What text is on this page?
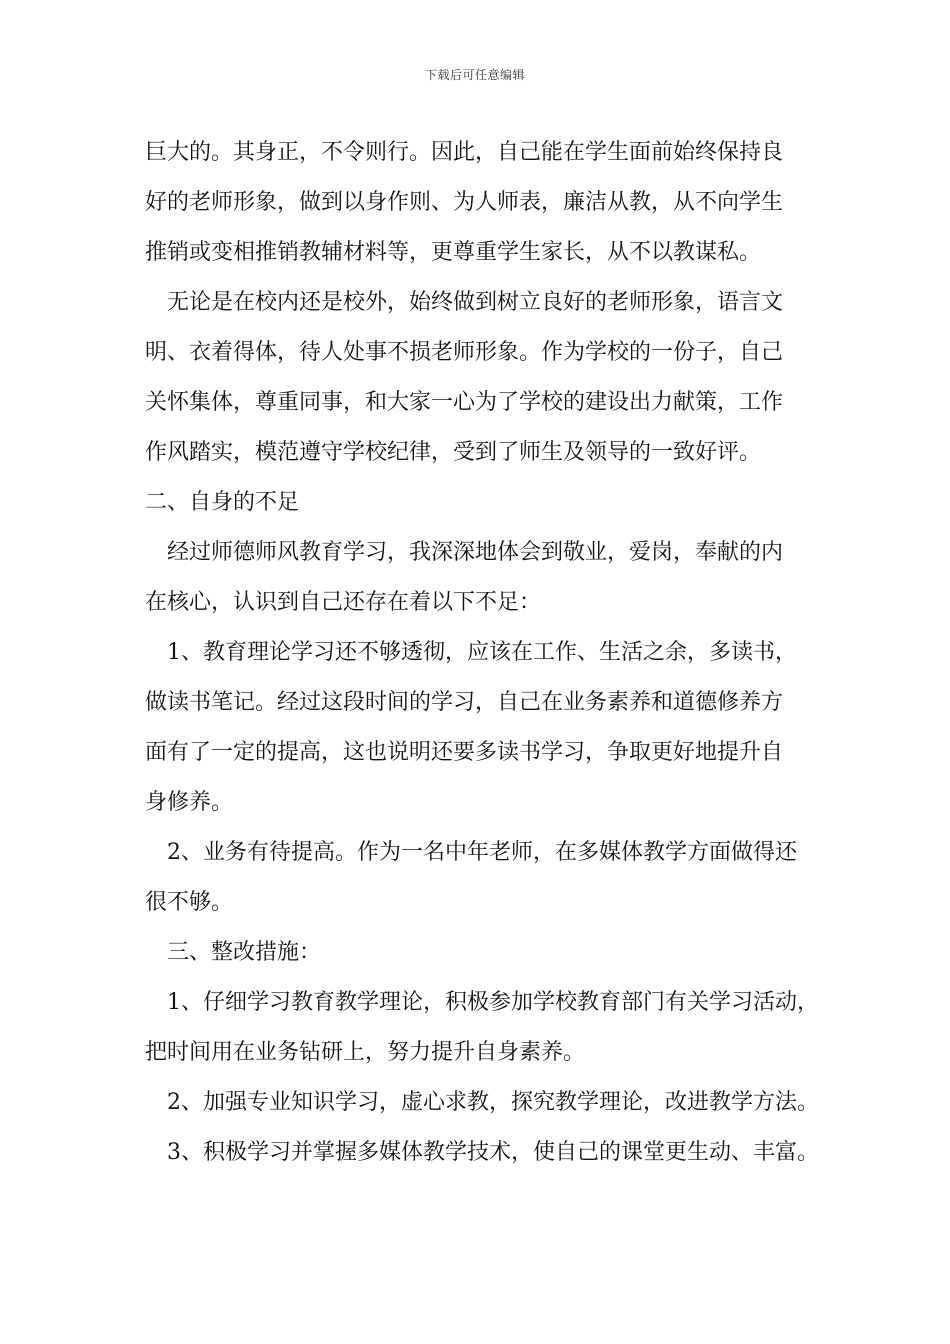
下载后可任意编辑
巨大的。其身正，不令则行。因此，自己能在学生面前始终保持良
好的老师形象，做到以身作则、为人师表，廉洁从教，从不向学生
推销或变相推销教辅材料等，更尊重学生家长，从不以教谋私。
无论是在校内还是校外，始终做到树立良好的老师形象，语言文
明、衣着得体，待人处事不损老师形象。作为学校的一份子，自己
关怀集体，尊重同事，和大家一心为了学校的建设出力献策，工作
作风踏实，模范遵守学校纪律，受到了师生及领导的一致好评。
二、自身的不足
经过师德师风教育学习，我深深地体会到敬业，爱岗，奉献的内
在核心，认识到自己还存在着以下不足：
1、教育理论学习还不够透彻，应该在工作、生活之余，多读书，
做读书笔记。经过这段时间的学习，自己在业务素养和道德修养方
面有了一定的提高，这也说明还要多读书学习，争取更好地提升自
身修养。
2、业务有待提高。作为一名中年老师，在多媒体教学方面做得还
很不够。
三、整改措施：
1、仔细学习教育教学理论，积极参加学校教育部门有关学习活动，
把时间用在业务钻研上，努力提升自身素养。
2、加强专业知识学习，虚心求教，探究教学理论，改进教学方法。
3、积极学习并掌握多媒体教学技术，使自己的课堂更生动、丰富。
